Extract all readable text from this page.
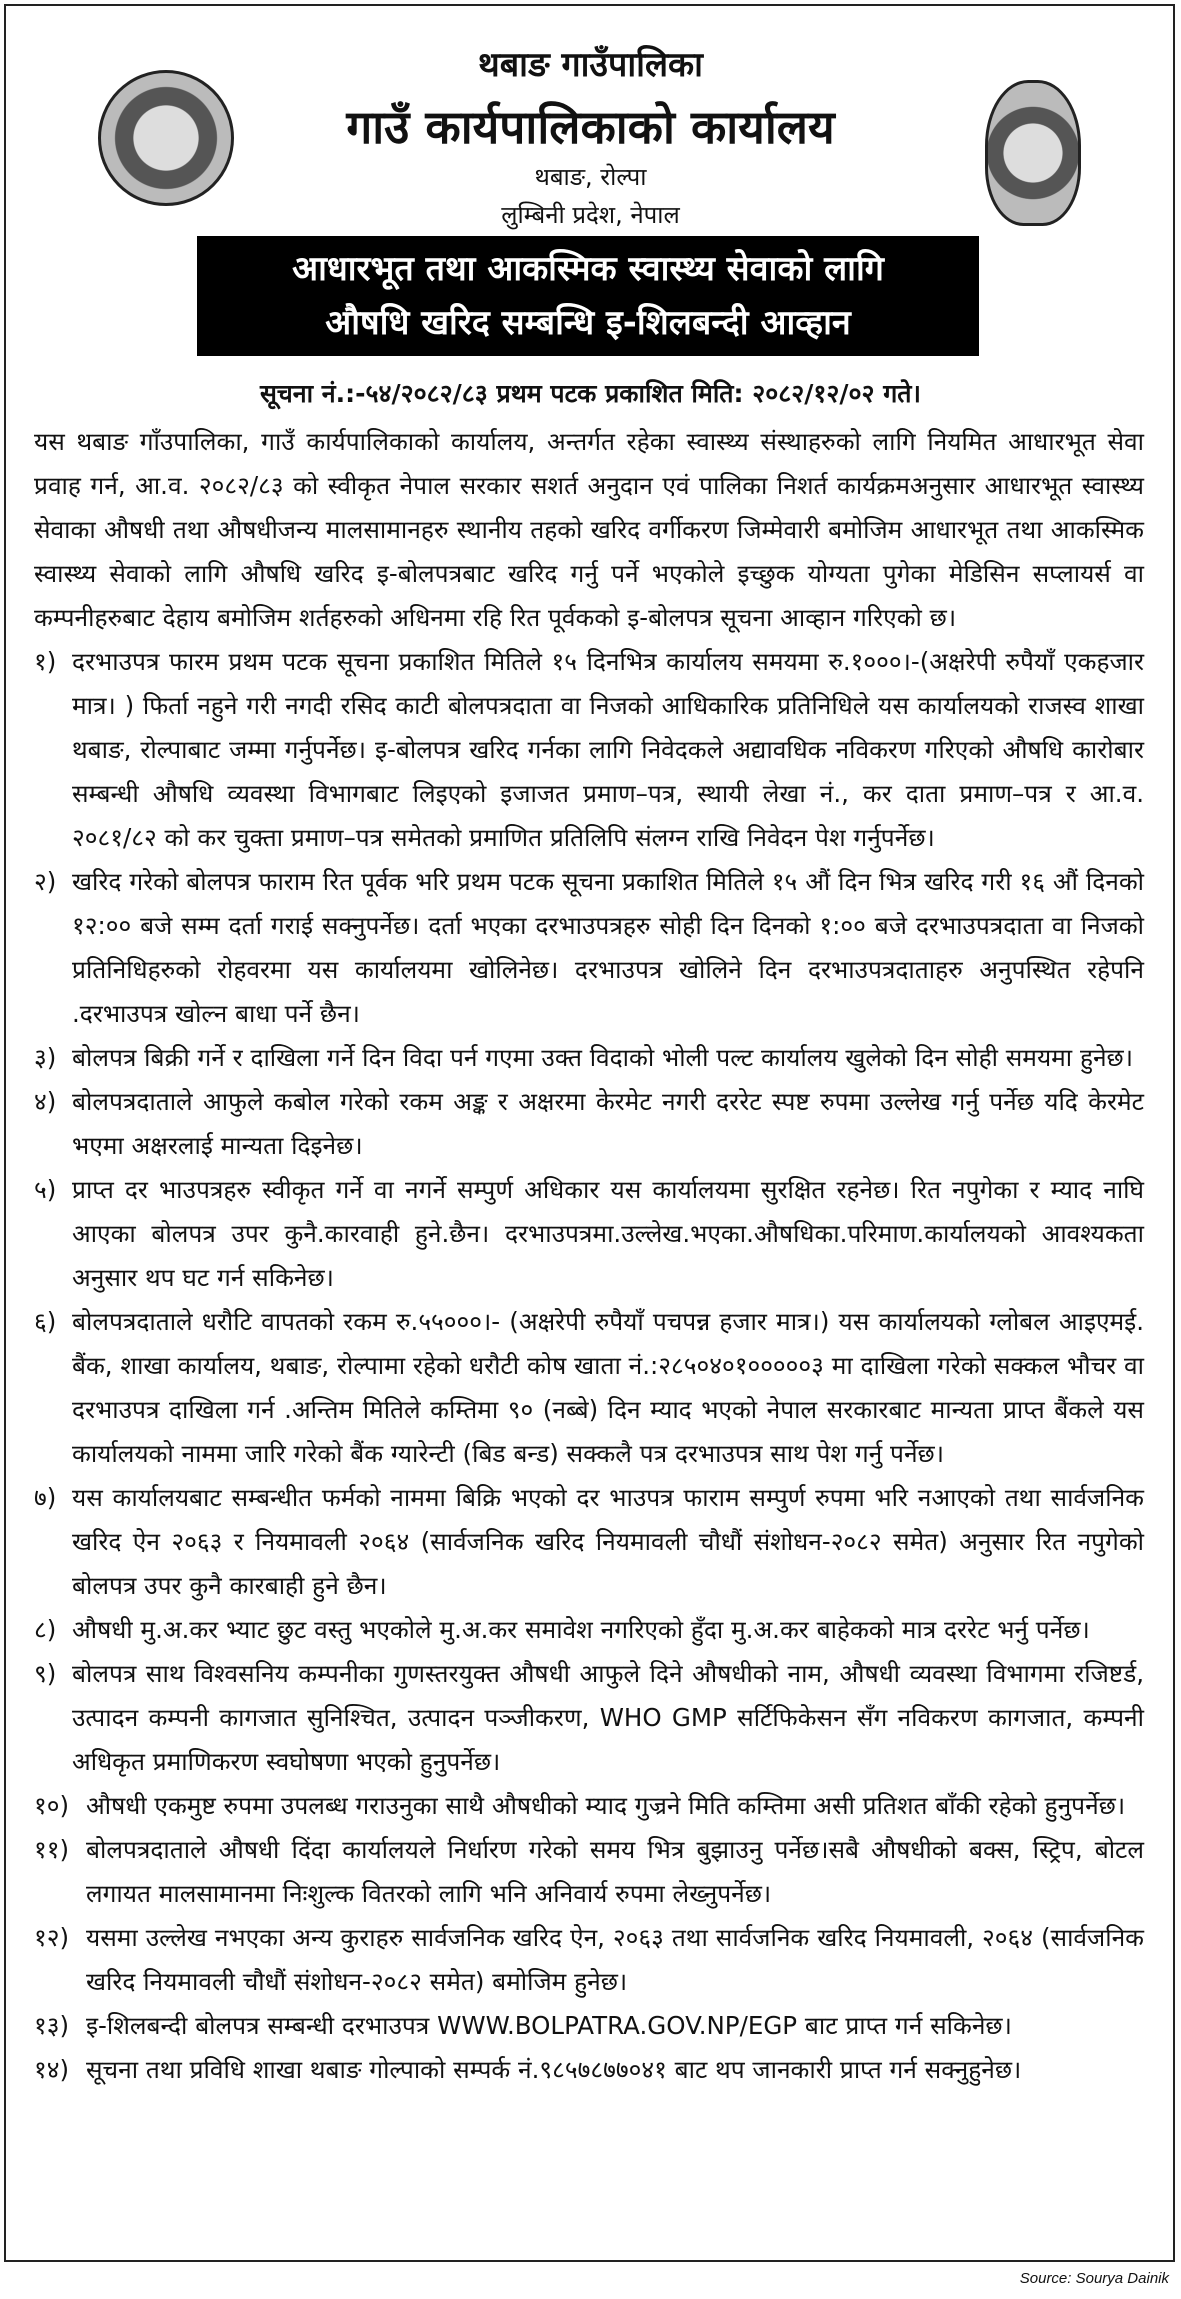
थबाङ गाउँपालिका
गाउँ कार्यपालिकाको कार्यालय
थबाङ, रोल्पा
लुम्बिनी प्रदेश, नेपाल
आधारभूत तथा आकस्मिक स्वास्थ्य सेवाको लागि
औषधि खरिद सम्बन्धि इ-शिलबन्दी आव्हान
सूचना नं.:-५४/२०८२/८३ प्रथम पटक प्रकाशित मिति: २०८२/१२/०२ गते।

यस थबाङ गाँउपालिका, गाउँ कार्यपालिकाको कार्यालय, अन्तर्गत रहेका स्वास्थ्य संस्थाहरुको लागि नियमित आधारभूत सेवा प्रवाह गर्न, आ.व. २०८२/८३ को स्वीकृत नेपाल सरकार सशर्त अनुदान एवं पालिका निशर्त कार्यक्रमअनुसार आधारभूत स्वास्थ्य सेवाका औषधी तथा औषधीजन्य मालसामानहरु स्थानीय तहको खरिद वर्गीकरण जिम्मेवारी बमोजिम आधारभूत तथा आकस्मिक स्वास्थ्य सेवाको लागि औषधि खरिद इ-बोलपत्रबाट खरिद गर्नु पर्ने भएकोले इच्छुक योग्यता पुगेका मेडिसिन सप्लायर्स वा कम्पनीहरुबाट देहाय बमोजिम शर्तहरुको अधिनमा रहि रित पूर्वकको इ-बोलपत्र सूचना आव्हान गरिएको छ।

१) दरभाउपत्र फारम प्रथम पटक सूचना प्रकाशित मितिले १५ दिनभित्र कार्यालय समयमा रु.१०००।-(अक्षरेपी रुपैयाँ एकहजार मात्र। ) फिर्ता नहुने गरी नगदी रसिद काटी बोलपत्रदाता वा निजको आधिकारिक प्रतिनिधिले यस कार्यालयको राजस्व शाखा थबाङ, रोल्पाबाट जम्मा गर्नुपर्नेछ। इ-बोलपत्र खरिद गर्नका लागि निवेदकले अद्यावधिक नविकरण गरिएको औषधि कारोबार सम्बन्धी औषधि व्यवस्था विभागबाट लिइएको इजाजत प्रमाण–पत्र, स्थायी लेखा नं., कर दाता प्रमाण–पत्र र आ.व. २०८१/८२ को कर चुक्ता प्रमाण–पत्र समेतको प्रमाणित प्रतिलिपि संलग्न राखि निवेदन पेश गर्नुपर्नेछ।
२) खरिद गरेको बोलपत्र फाराम रित पूर्वक भरि प्रथम पटक सूचना प्रकाशित मितिले १५ औं दिन भित्र खरिद गरी १६ औं दिनको १२:०० बजे सम्म दर्ता गराई सक्नुपर्नेछ। दर्ता भएका दरभाउपत्रहरु सोही दिन दिनको १:०० बजे दरभाउपत्रदाता वा निजको प्रतिनिधिहरुको रोहवरमा यस कार्यालयमा खोलिनेछ। दरभाउपत्र खोलिने दिन दरभाउपत्रदाताहरु अनुपस्थित रहेपनि .दरभाउपत्र खोल्न बाधा पर्ने छैन।
३) बोलपत्र बिक्री गर्ने र दाखिला गर्ने दिन विदा पर्न गएमा उक्त विदाको भोली पल्ट कार्यालय खुलेको दिन सोही समयमा हुनेछ।
४) बोलपत्रदाताले आफुले कबोल गरेको रकम अङ्क र अक्षरमा केरमेट नगरी दररेट स्पष्ट रुपमा उल्लेख गर्नु पर्नेछ यदि केरमेट भएमा अक्षरलाई मान्यता दिइनेछ।
५) प्राप्त दर भाउपत्रहरु स्वीकृत गर्ने वा नगर्ने सम्पुर्ण अधिकार यस कार्यालयमा सुरक्षित रहनेछ। रित नपुगेका र म्याद नाघि आएका बोलपत्र उपर कुनै.कारवाही हुने.छैन। दरभाउपत्रमा.उल्लेख.भएका.औषधिका.परिमाण.कार्यालयको आवश्यकता अनुसार थप घट गर्न सकिनेछ।
६) बोलपत्रदाताले धरौटि वापतको रकम रु.५५०००।- (अक्षरेपी रुपैयाँ पचपन्न हजार मात्र।) यस कार्यालयको ग्लोबल आइएमई. बैंक, शाखा कार्यालय, थबाङ, रोल्पामा रहेको धरौटी कोष खाता नं.:२८५०४०१०००००३ मा दाखिला गरेको सक्कल भौचर वा दरभाउपत्र दाखिला गर्न .अन्तिम मितिले कम्तिमा ९० (नब्बे) दिन म्याद भएको नेपाल सरकारबाट मान्यता प्राप्त बैंकले यस कार्यालयको नाममा जारि गरेको बैंक ग्यारेन्टी (बिड बन्ड) सक्कलै पत्र दरभाउपत्र साथ पेश गर्नु पर्नेछ।
७) यस कार्यालयबाट सम्बन्धीत फर्मको नाममा बिक्रि भएको दर भाउपत्र फाराम सम्पुर्ण रुपमा भरि नआएको तथा सार्वजनिक खरिद ऐन २०६३ र नियमावली २०६४ (सार्वजनिक खरिद नियमावली चौधौं संशोधन-२०८२ समेत) अनुसार रित नपुगेको बोलपत्र उपर कुनै कारबाही हुने छैन।
८) औषधी मु.अ.कर भ्याट छुट वस्तु भएकोले मु.अ.कर समावेश नगरिएको हुँदा मु.अ.कर बाहेकको मात्र दररेट भर्नु पर्नेछ।
९) बोलपत्र साथ विश्वसनिय कम्पनीका गुणस्तरयुक्त औषधी आफुले दिने औषधीको नाम, औषधी व्यवस्था विभागमा रजिष्टर्ड, उत्पादन कम्पनी कागजात सुनिश्चित, उत्पादन पञ्जीकरण, WHO GMP सर्टिफिकेसन सँग नविकरण कागजात, कम्पनी अधिकृत प्रमाणिकरण स्वघोषणा भएको हुनुपर्नेछ।
१०) औषधी एकमुष्ट रुपमा उपलब्ध गराउनुका साथै औषधीको म्याद गुज्रने मिति कम्तिमा असी प्रतिशत बाँकी रहेको हुनुपर्नेछ।
११) बोलपत्रदाताले औषधी दिंदा कार्यालयले निर्धारण गरेको समय भित्र बुझाउनु पर्नेछ।सबै औषधीको बक्स, स्ट्रिप, बोटल लगायत मालसामानमा निःशुल्क वितरको लागि भनि अनिवार्य रुपमा लेख्नुपर्नेछ।
१२) यसमा उल्लेख नभएका अन्य कुराहरु सार्वजनिक खरिद ऐन, २०६३ तथा सार्वजनिक खरिद नियमावली, २०६४ (सार्वजनिक खरिद नियमावली चौधौं संशोधन-२०८२ समेत) बमोजिम हुनेछ।
१३) इ-शिलबन्दी बोलपत्र सम्बन्धी दरभाउपत्र WWW.BOLPATRA.GOV.NP/EGP बाट प्राप्त गर्न सकिनेछ।
१४) सूचना तथा प्रविधि शाखा थबाङ गोल्पाको सम्पर्क नं.९८५७८७७०४१ बाट थप जानकारी प्राप्त गर्न सक्नुहुनेछ।
Source: Sourya Dainik
